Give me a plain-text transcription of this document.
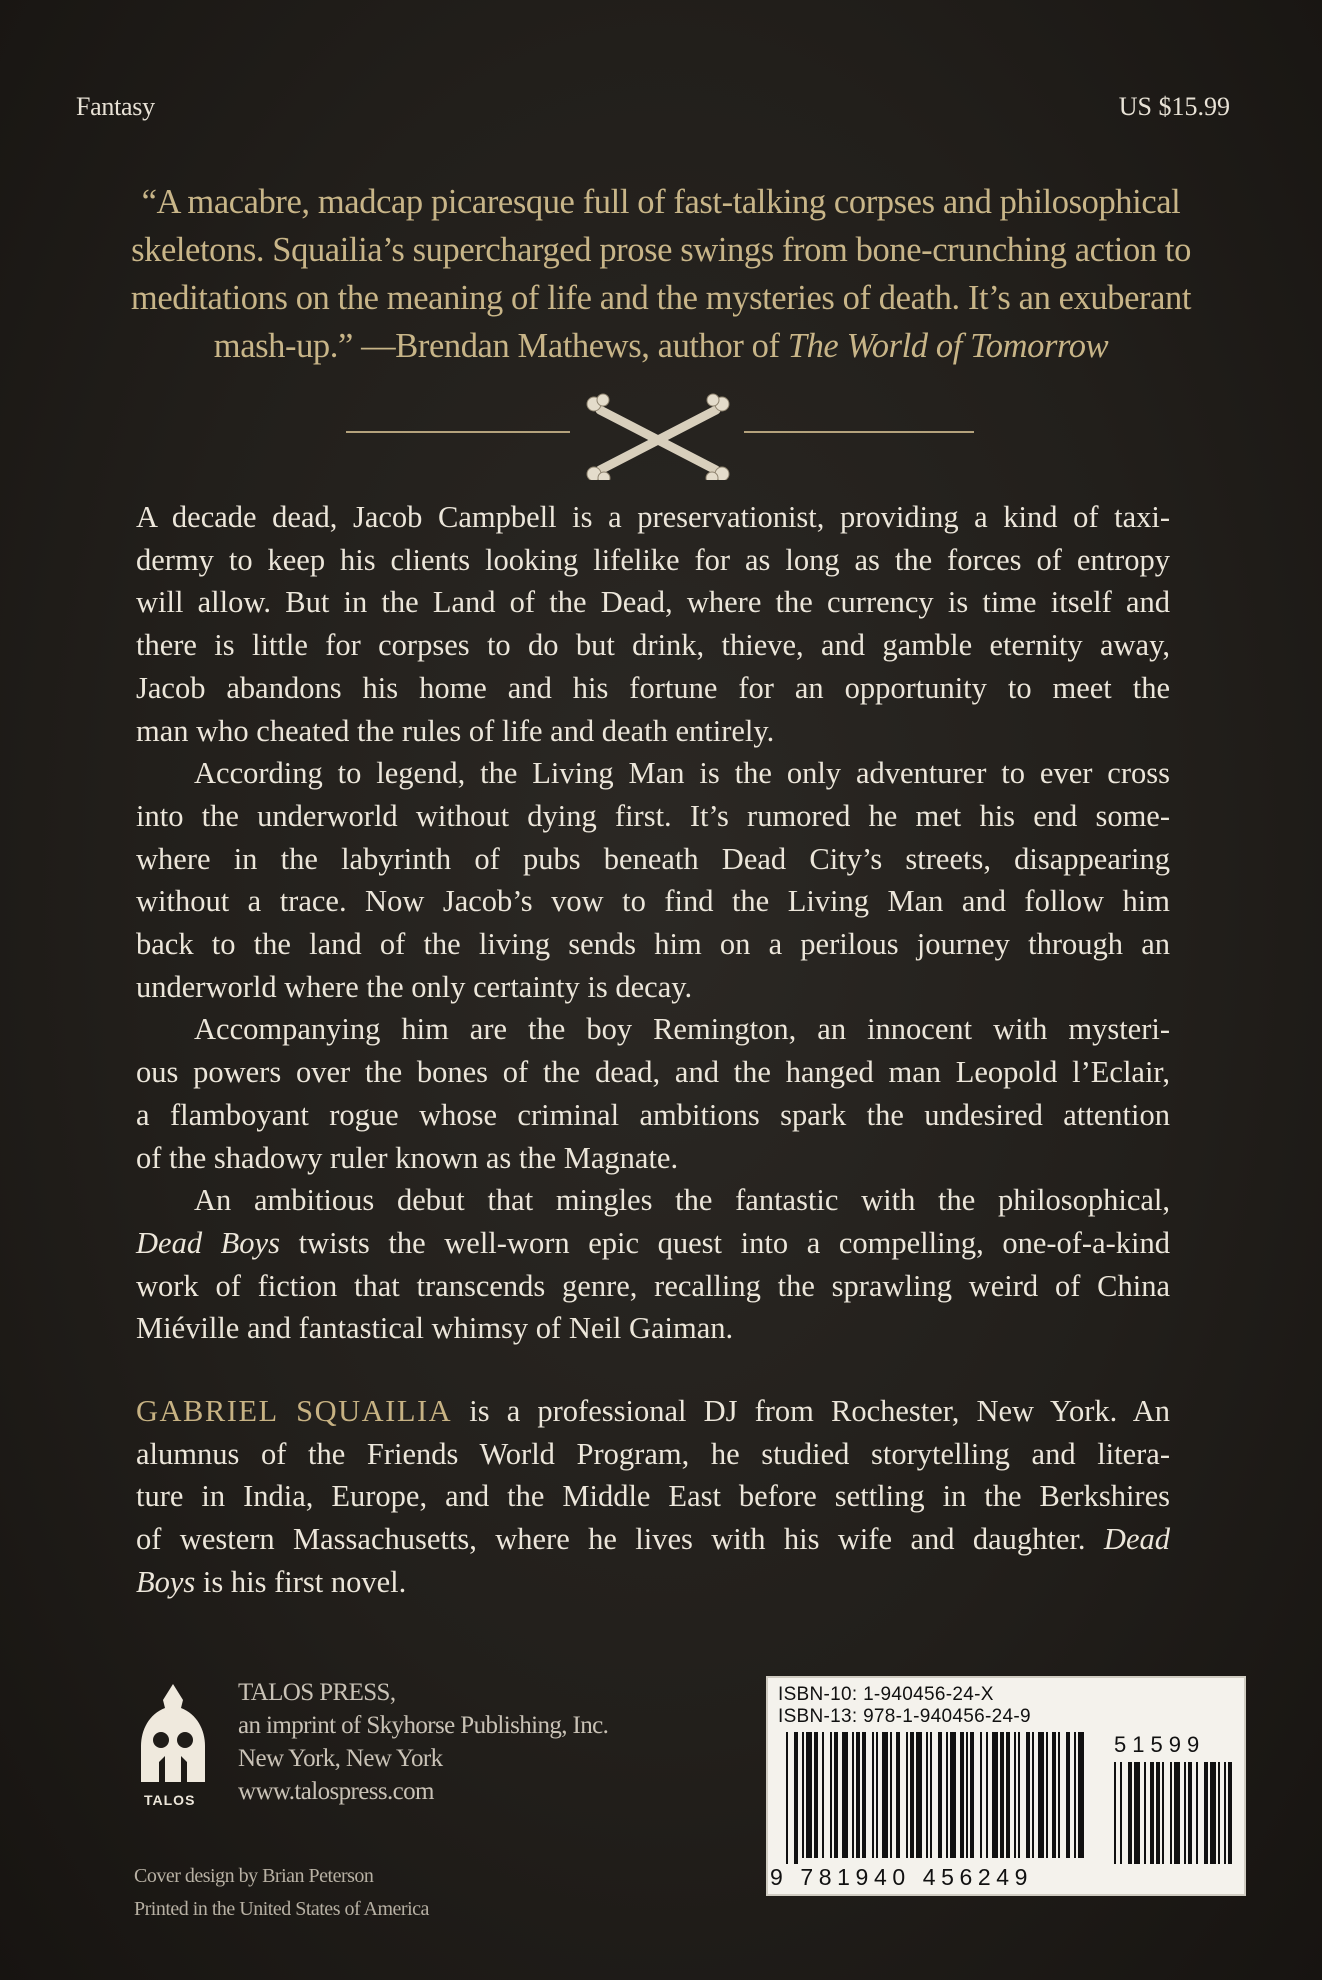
Fantasy	US $15.99
“A macabre, madcap picaresque full of fast-talking corpses and philosophical
skeletons. Squailia’s supercharged prose swings from bone-crunching action to
meditations on the meaning of life and the mysteries of death. It’s an exuberant
mash-up.” —Brendan Mathews, author of The World of Tomorrow

A decade dead, Jacob Campbell is a preservationist, providing a kind of taxi-
dermy to keep his clients looking lifelike for as long as the forces of entropy
will allow. But in the Land of the Dead, where the currency is time itself and
there is little for corpses to do but drink, thieve, and gamble eternity away,
Jacob abandons his home and his fortune for an opportunity to meet the
man who cheated the rules of life and death entirely.

According to legend, the Living Man is the only adventurer to ever cross
into the underworld without dying first. It’s rumored he met his end some-
where in the labyrinth of pubs beneath Dead City’s streets, disappearing
without a trace. Now Jacob’s vow to find the Living Man and follow him
back to the land of the living sends him on a perilous journey through an
underworld where the only certainty is decay.

Accompanying him are the boy Remington, an innocent with mysteri-
ous powers over the bones of the dead, and the hanged man Leopold l’Eclair,
a flamboyant rogue whose criminal ambitions spark the undesired attention
of the shadowy ruler known as the Magnate.

An ambitious debut that mingles the fantastic with the philosophical,
Dead Boys twists the well-worn epic quest into a compelling, one-of-a-kind
work of fiction that transcends genre, recalling the sprawling weird of China
Miéville and fantastical whimsy of Neil Gaiman.

GABRIEL SQUAILIA is a professional DJ from Rochester, New York. An
alumnus of the Friends World Program, he studied storytelling and litera-
ture in India, Europe, and the Middle East before settling in the Berkshires
of western Massachusetts, where he lives with his wife and daughter. Dead
Boys is his first novel.
TALOS
TALOS PRESS,
an imprint of Skyhorse Publishing, Inc.
New York, New York
www.talospress.com
Cover design by Brian Peterson
Printed in the United States of America
ISBN-10: 1-940456-24-X
ISBN-13: 978-1-940456-24-9
51599
9 781940 456249
